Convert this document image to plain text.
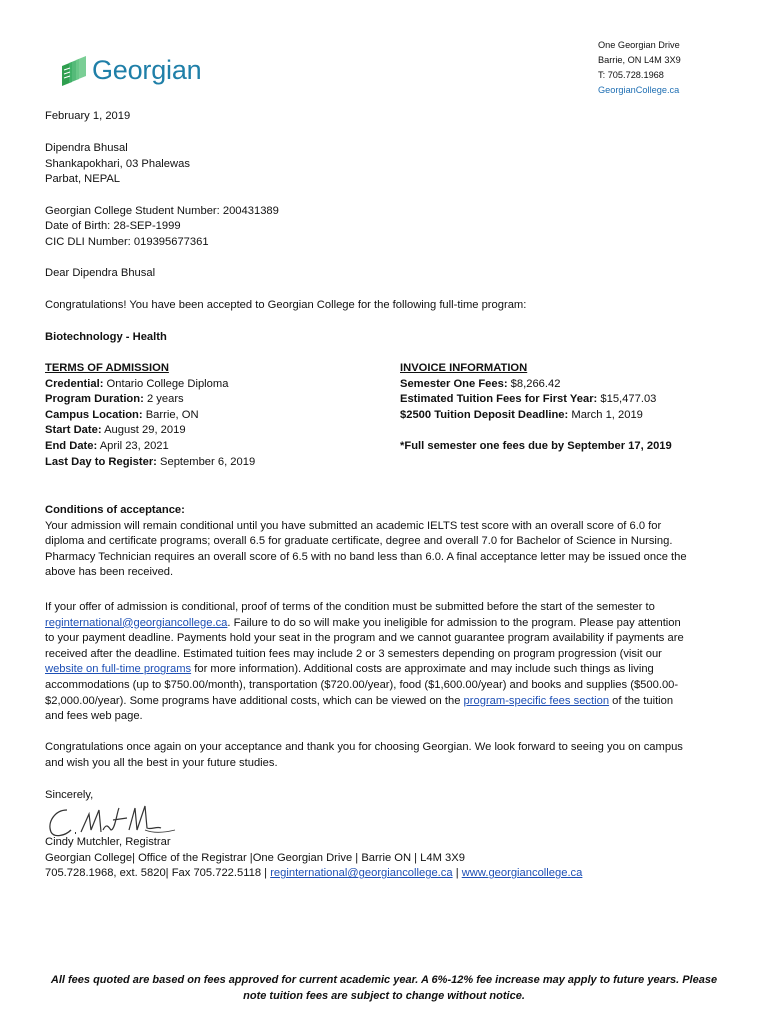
Georgian
One Georgian Drive
Barrie, ON L4M 3X9
T: 705.728.1968
GeorgianCollege.ca
February 1, 2019
Dipendra Bhusal
Shankapokhari, 03 Phalewas
Parbat, NEPAL
Georgian College Student Number: 200431389
Date of Birth: 28-SEP-1999
CIC DLI Number: 019395677361
Dear Dipendra Bhusal
Congratulations! You have been accepted to Georgian College for the following full-time program:
Biotechnology - Health
TERMS OF ADMISSION
Credential: Ontario College Diploma
Program Duration: 2 years
Campus Location: Barrie, ON
Start Date: August 29, 2019
End Date: April 23, 2021
Last Day to Register: September 6, 2019
INVOICE INFORMATION
Semester One Fees: $8,266.42
Estimated Tuition Fees for First Year: $15,477.03
$2500 Tuition Deposit Deadline: March 1, 2019
*Full semester one fees due by September 17, 2019
Conditions of acceptance:
Your admission will remain conditional until you have submitted an academic IELTS test score with an overall score of 6.0 for
diploma and certificate programs; overall 6.5 for graduate certificate, degree and overall 7.0 for Bachelor of Science in Nursing.
Pharmacy Technician requires an overall score of 6.5 with no band less than 6.0. A final acceptance letter may be issued once the
above has been received.
If your offer of admission is conditional, proof of terms of the condition must be submitted before the start of the semester to
reginternational@georgiancollege.ca. Failure to do so will make you ineligible for admission to the program. Please pay attention
to your payment deadline. Payments hold your seat in the program and we cannot guarantee program availability if payments are
received after the deadline. Estimated tuition fees may include 2 or 3 semesters depending on program progression (visit our
website on full-time programs for more information). Additional costs are approximate and may include such things as living
accommodations (up to $750.00/month), transportation ($720.00/year), food ($1,600.00/year) and books and supplies ($500.00-
$2,000.00/year). Some programs have additional costs, which can be viewed on the program-specific fees section of the tuition
and fees web page.
Congratulations once again on your acceptance and thank you for choosing Georgian. We look forward to seeing you on campus
and wish you all the best in your future studies.
Sincerely,
Cindy Mutchler, Registrar
Georgian College| Office of the Registrar |One Georgian Drive | Barrie ON | L4M 3X9
705.728.1968, ext. 5820| Fax 705.722.5118 | reginternational@georgiancollege.ca | www.georgiancollege.ca
All fees quoted are based on fees approved for current academic year. A 6%-12% fee increase may apply to future years. Please
note tuition fees are subject to change without notice.
